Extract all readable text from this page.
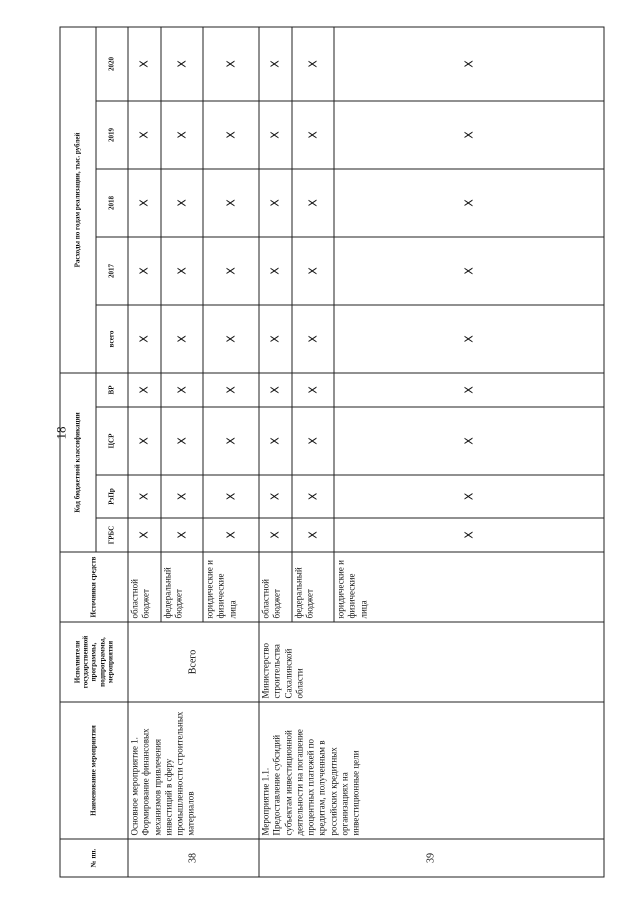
18
№ пп.	Наименование мероприятия	Исполнители государственной программы, подпрограммы, мероприятия	Источники средств	Код бюджетной классификации				Расходы по годам реализации, тыс. рублей				
				ГРБС	РзПр	ЦСР	ВР	всего	2017	2018	2019	2020
38	Основное мероприятие 1. Формирование финансовых механизмов привлечения инвестиций в сферу промышленности строительных материалов	Всего	областной бюджет	X	X	X	X	X	X	X	X	X
			федеральный бюджет	X	X	X	X	X	X	X	X	X
			юридические и физические лица	X	X	X	X	X	X	X	X	X
39	Мероприятие 1.1. Предоставление субсидий субъектам инвестиционной деятельности на погашение процентных платежей по кредитам, полученным в российских кредитных организациях на инвестиционные цели	Министерство строительства Сахалинской области	областной бюджет	X	X	X	X	X	X	X	X	X
			федеральный бюджет	X	X	X	X	X	X	X	X	X
			юридические и физические лица	X	X	X	X	X	X	X	X	X
